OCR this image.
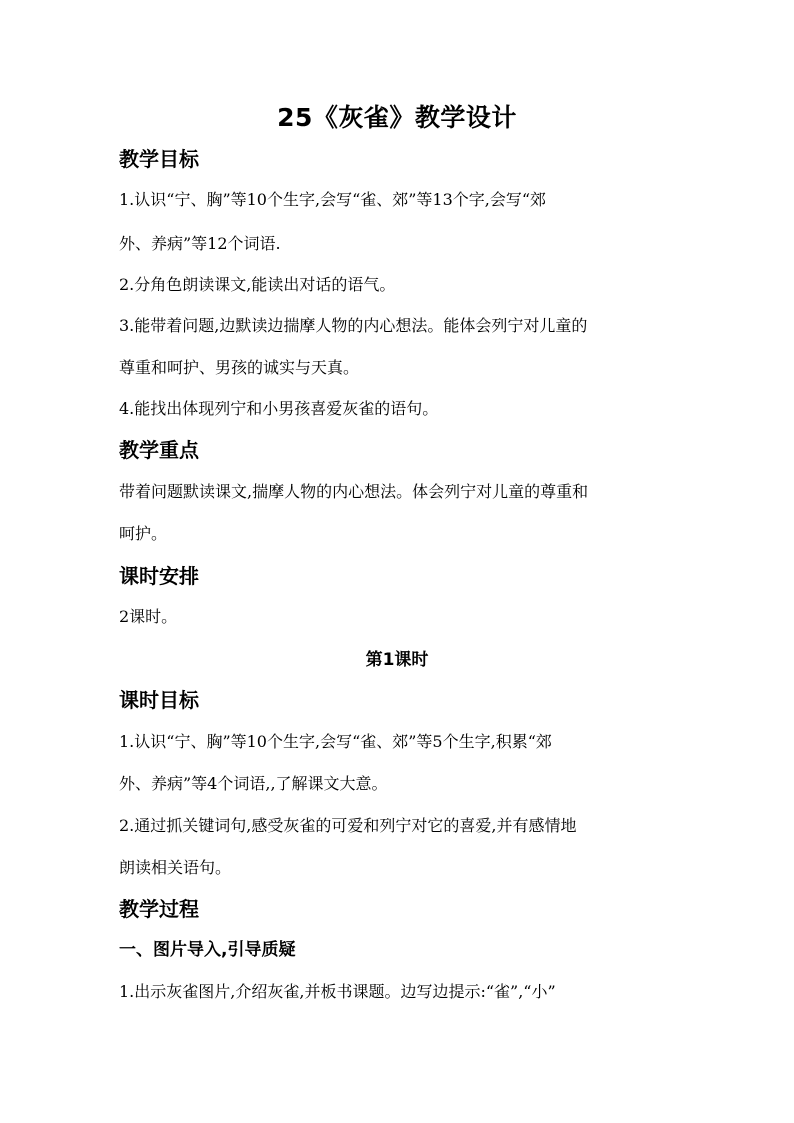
25《灰雀》教学设计
教学目标
1.认识“宁、胸”等10个生字,会写“雀、郊”等13个字,会写“郊
外、养病”等12个词语.
2.分角色朗读课文,能读出对话的语气。
3.能带着问题,边默读边揣摩人物的内心想法。能体会列宁对儿童的
尊重和呵护、男孩的诚实与天真。
4.能找出体现列宁和小男孩喜爱灰雀的语句。
教学重点
带着问题默读课文,揣摩人物的内心想法。体会列宁对儿童的尊重和
呵护。
课时安排
2课时。
第1课时
课时目标
1.认识“宁、胸”等10个生字,会写“雀、郊”等5个生字,积累“郊
外、养病”等4个词语,,了解课文大意。
2.通过抓关键词句,感受灰雀的可爱和列宁对它的喜爱,并有感情地
朗读相关语句。
教学过程
一、图片导入,引导质疑
1.出示灰雀图片,介绍灰雀,并板书课题。边写边提示:“雀”,“小”
